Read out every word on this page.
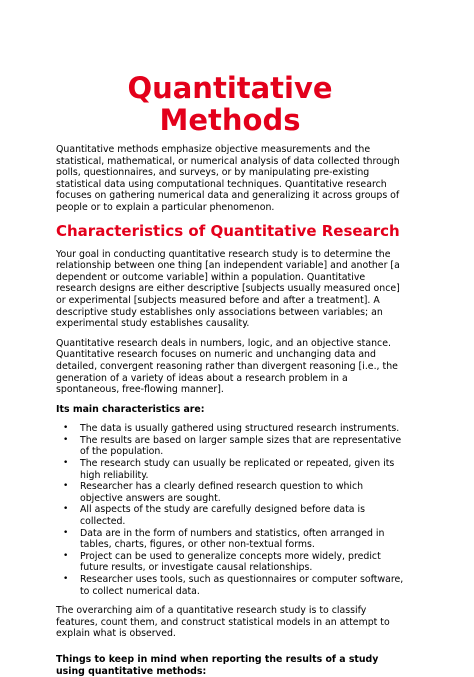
Quantitative Methods

Quantitative methods emphasize objective measurements and the statistical, mathematical, or numerical analysis of data collected through polls, questionnaires, and surveys, or by manipulating pre-existing statistical data using computational techniques. Quantitative research focuses on gathering numerical data and generalizing it across groups of people or to explain a particular phenomenon.

Characteristics of Quantitative Research

Your goal in conducting quantitative research study is to determine the relationship between one thing [an independent variable] and another [a dependent or outcome variable] within a population. Quantitative research designs are either descriptive [subjects usually measured once] or experimental [subjects measured before and after a treatment]. A descriptive study establishes only associations between variables; an experimental study establishes causality.

Quantitative research deals in numbers, logic, and an objective stance. Quantitative research focuses on numeric and unchanging data and detailed, convergent reasoning rather than divergent reasoning [i.e., the generation of a variety of ideas about a research problem in a spontaneous, free-flowing manner].

Its main characteristics are:

• The data is usually gathered using structured research instruments.
• The results are based on larger sample sizes that are representative of the population.
• The research study can usually be replicated or repeated, given its high reliability.
• Researcher has a clearly defined research question to which objective answers are sought.
• All aspects of the study are carefully designed before data is collected.
• Data are in the form of numbers and statistics, often arranged in tables, charts, figures, or other non-textual forms.
• Project can be used to generalize concepts more widely, predict future results, or investigate causal relationships.
• Researcher uses tools, such as questionnaires or computer software, to collect numerical data.

The overarching aim of a quantitative research study is to classify features, count them, and construct statistical models in an attempt to explain what is observed.

Things to keep in mind when reporting the results of a study using quantitative methods:
